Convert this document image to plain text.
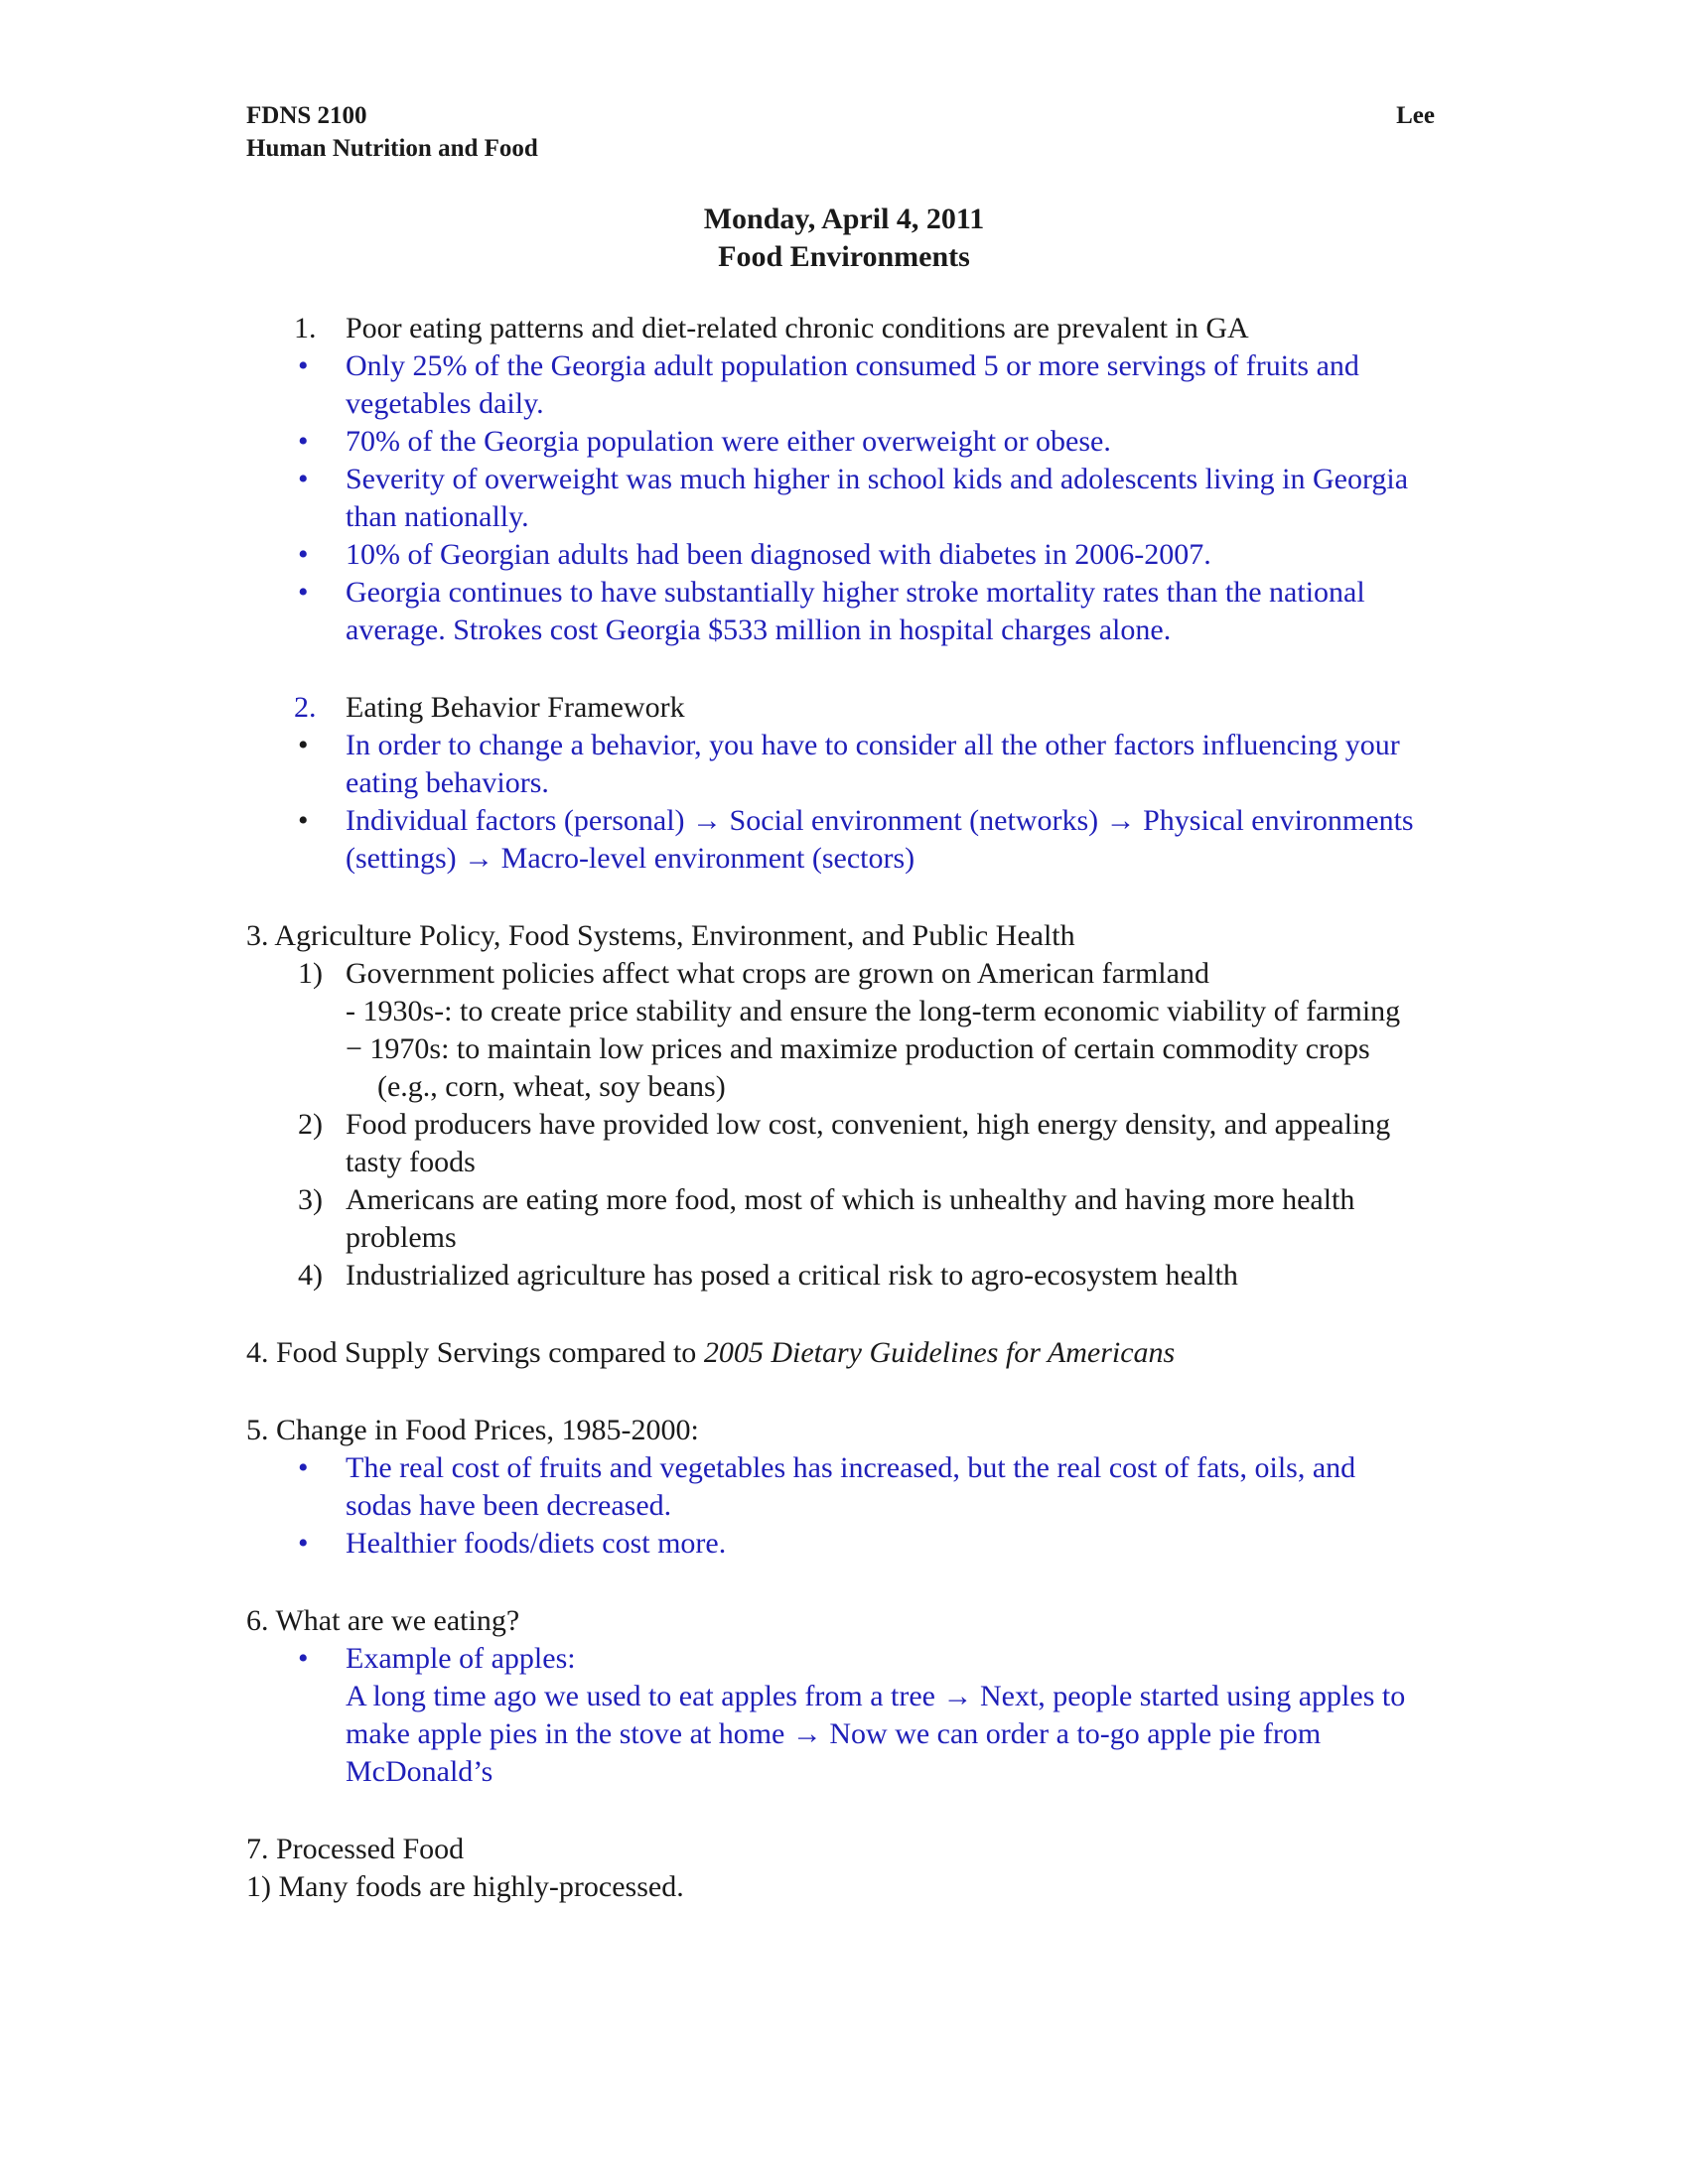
FDNS 2100
Human Nutrition and Food
Lee
Monday, April 4, 2011
Food Environments
1. Poor eating patterns and diet-related chronic conditions are prevalent in GA
• Only 25% of the Georgia adult population consumed 5 or more servings of fruits and vegetables daily.
• 70% of the Georgia population were either overweight or obese.
• Severity of overweight was much higher in school kids and adolescents living in Georgia than nationally.
• 10% of Georgian adults had been diagnosed with diabetes in 2006-2007.
• Georgia continues to have substantially higher stroke mortality rates than the national average. Strokes cost Georgia $533 million in hospital charges alone.
2. Eating Behavior Framework
• In order to change a behavior, you have to consider all the other factors influencing your eating behaviors.
• Individual factors (personal) → Social environment (networks) → Physical environments (settings) → Macro-level environment (sectors)
3. Agriculture Policy, Food Systems, Environment, and Public Health
1) Government policies affect what crops are grown on American farmland
- 1930s-: to create price stability and ensure the long-term economic viability of farming
− 1970s: to maintain low prices and maximize production of certain commodity crops (e.g., corn, wheat, soy beans)
2) Food producers have provided low cost, convenient, high energy density, and appealing tasty foods
3) Americans are eating more food, most of which is unhealthy and having more health problems
4) Industrialized agriculture has posed a critical risk to agro-ecosystem health
4. Food Supply Servings compared to 2005 Dietary Guidelines for Americans
5. Change in Food Prices, 1985-2000:
• The real cost of fruits and vegetables has increased, but the real cost of fats, oils, and sodas have been decreased.
• Healthier foods/diets cost more.
6. What are we eating?
• Example of apples:
A long time ago we used to eat apples from a tree → Next, people started using apples to make apple pies in the stove at home → Now we can order a to-go apple pie from McDonald’s
7. Processed Food
1) Many foods are highly-processed.
